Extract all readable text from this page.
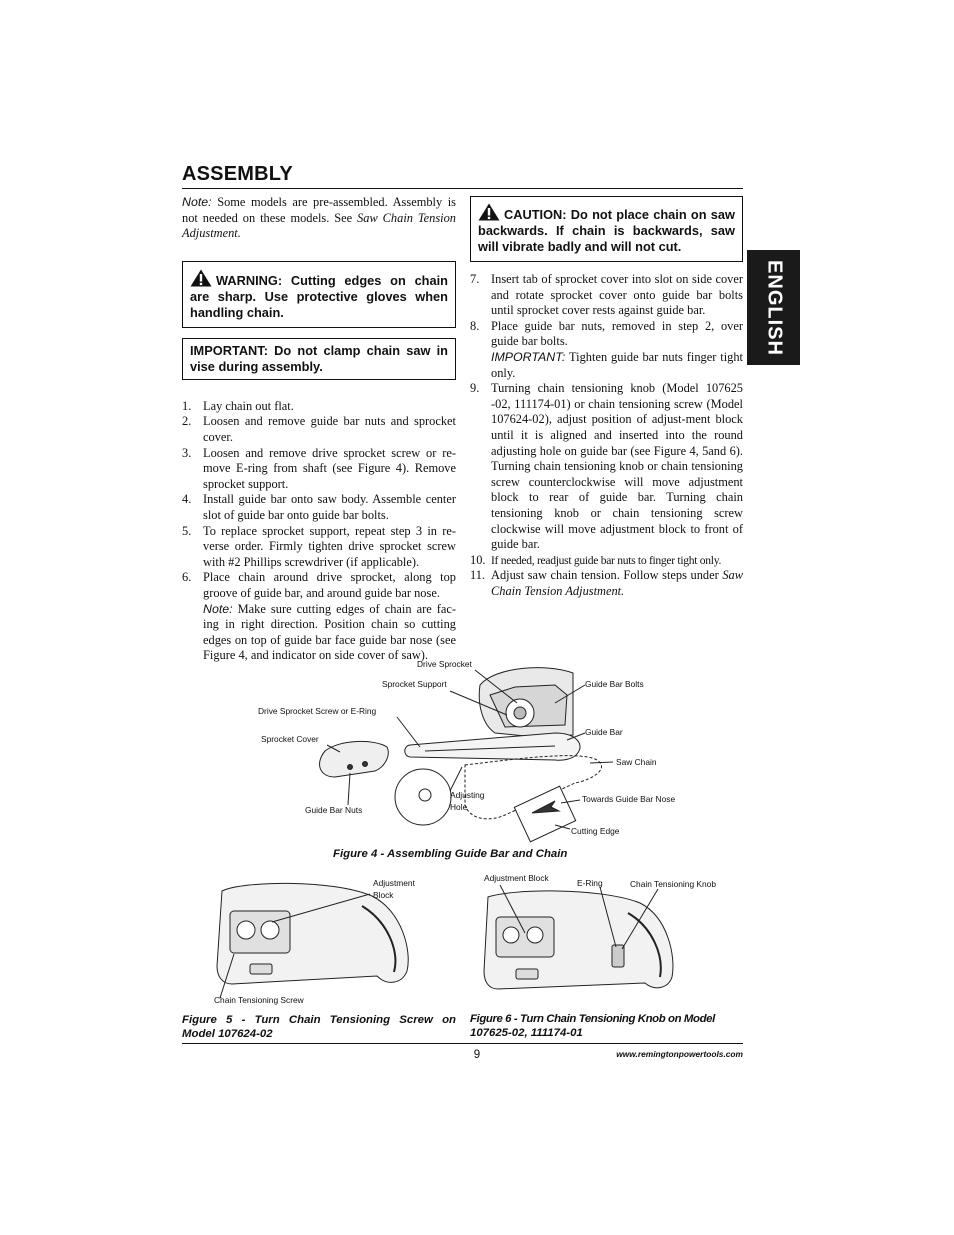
ASSEMBLY
ENGLISH
Note: Some models are pre-assembled. Assembly is not needed on these models. See Saw Chain Tension Adjustment.
WARNING: Cutting edges on chain are sharp. Use protective gloves when handling chain.
IMPORTANT: Do not clamp chain saw in vise during assembly.
1. Lay chain out flat.
2. Loosen and remove guide bar nuts and sprocket cover.
3. Loosen and remove drive sprocket screw or re-move E-ring from shaft (see Figure 4). Remove sprocket support.
4. Install guide bar onto saw body. Assemble center slot of guide bar onto guide bar bolts.
5. To replace sprocket support, repeat step 3 in re-verse order. Firmly tighten drive sprocket screw with #2 Phillips screwdriver (if applicable).
6. Place chain around drive sprocket, along top groove of guide bar, and around guide bar nose.
Note: Make sure cutting edges of chain are fac-ing in right direction. Position chain so cutting edges on top of guide bar face guide bar nose (see Figure 4, and indicator on side cover of saw).
CAUTION: Do not place chain on saw backwards. If chain is backwards, saw will vibrate badly and will not cut.
7. Insert tab of sprocket cover into slot on side cover and rotate sprocket cover onto guide bar bolts until sprocket cover rests against guide bar.
8. Place guide bar nuts, removed in step 2, over guide bar bolts.
IMPORTANT: Tighten guide bar nuts finger tight only.
9. Turning chain tensioning knob (Model 107625 -02, 111174-01) or chain tensioning screw (Model 107624-02), adjust position of adjust-ment block until it is aligned and inserted into the round adjusting hole on guide bar (see Figure 4, 5and 6). Turning chain tensioning knob or chain tensioning screw counterclockwise will move adjustment block to rear of guide bar. Turning chain tensioning knob or chain tensioning screw clockwise will move adjustment block to front of guide bar.
10. If needed, readjust guide bar nuts to finger tight only.
11. Adjust saw chain tension. Follow steps under Saw Chain Tension Adjustment.
Drive Sprocket
Sprocket Support	Guide Bar Bolts
Drive Sprocket Screw or E-Ring
Guide Bar
Sprocket Cover
Saw Chain
Adjusting
Hole
Towards Guide Bar Nose
Guide Bar Nuts
Cutting Edge
Figure 4 - Assembling Guide Bar and Chain
Adjustment
Block
Chain Tensioning Screw
Figure 5 - Turn Chain Tensioning Screw on
Model 107624-02
Adjustment Block	E-Ring	Chain Tensioning Knob
Figure 6 - Turn Chain Tensioning Knob on Model
107625-02, 111174-01
9	www.remingtonpowertools.com
